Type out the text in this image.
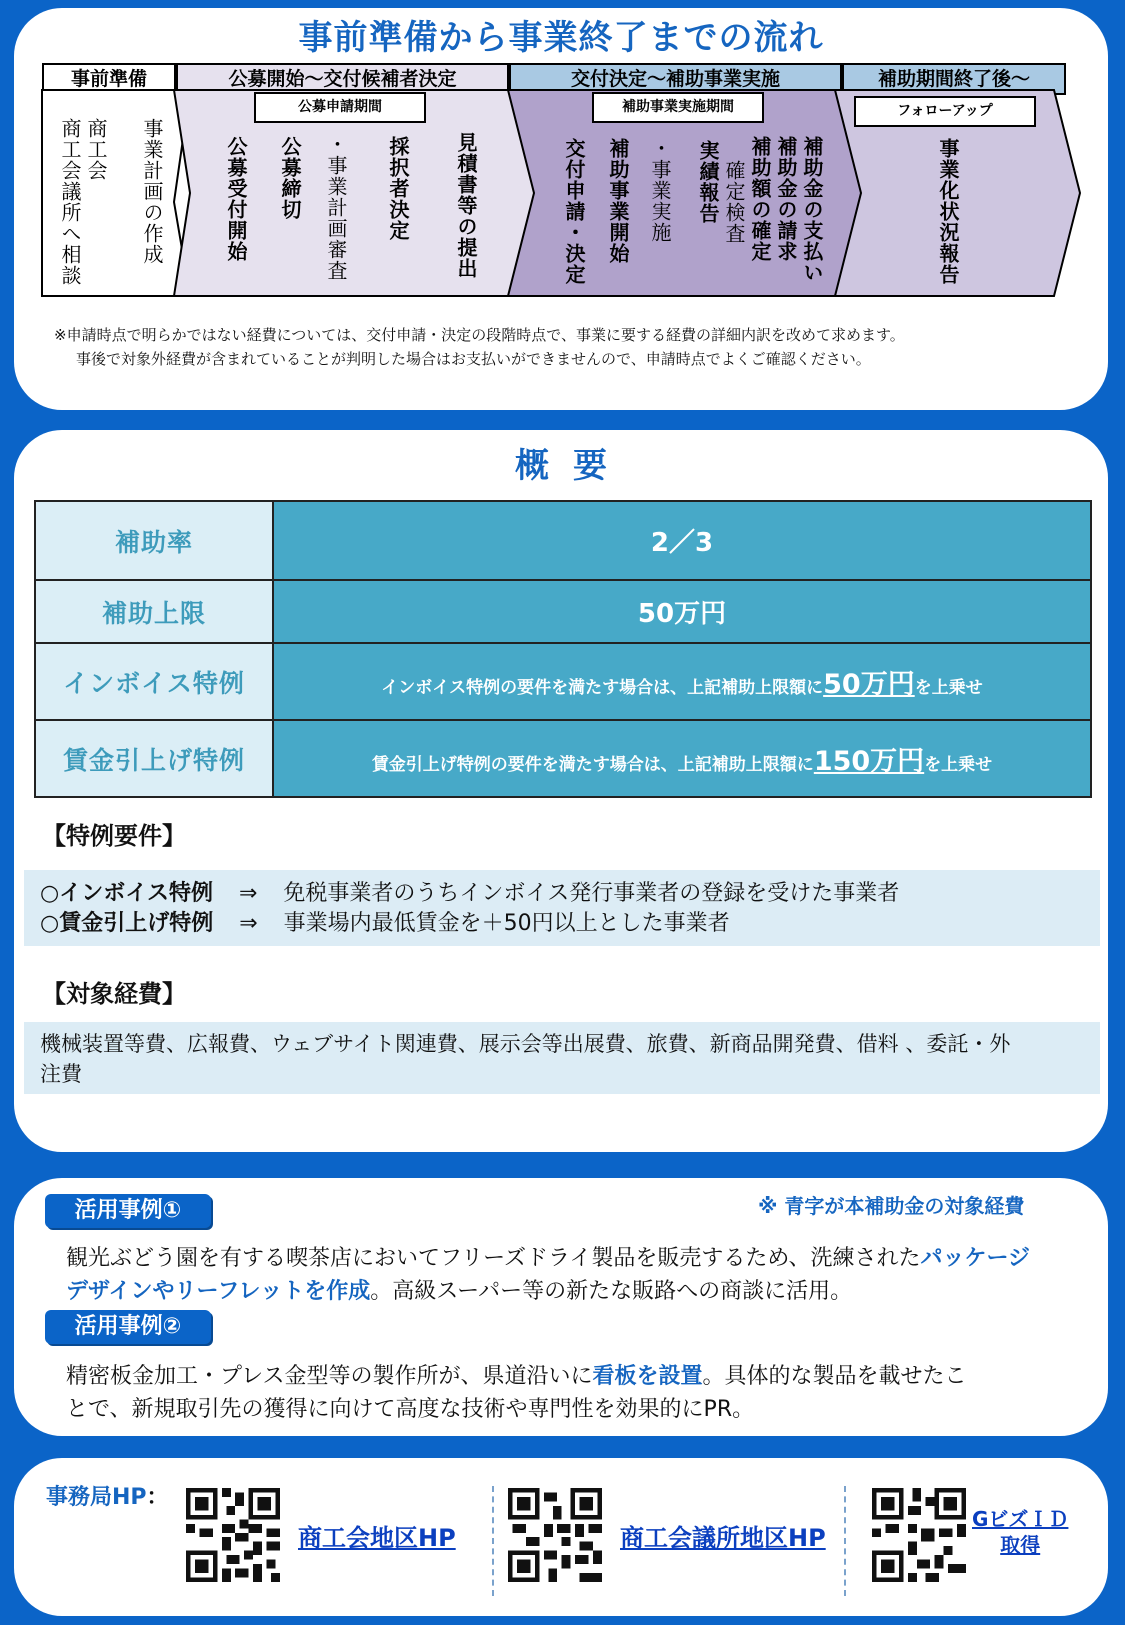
事前準備から事業終了までの流れ
事前準備	公募開始～交付候補者決定	交付決定～補助事業実施	補助期間終了後～
公募申請期間	補助事業実施期間	フォローアップ
事業計画の作成
商工会
商工会議所へ相談	見積書等の提出
採択者決定
・事業計画審査
公募締切
公募受付開始	補助金の支払い
補助金の請求
補助額の確定
確定検査
実績報告
・事業実施
補助事業開始
交付申請・決定	事業化状況報告
※申請時点で明らかではない経費については、交付申請・決定の段階時点で、事業に要する経費の詳細内訳を改めて求めます。
事後で対象外経費が含まれていることが判明した場合はお支払いができませんので、申請時点でよくご確認ください。
概要
補助率	2／3
補助上限	50万円
インボイス特例	インボイス特例の要件を満たす場合は、上記補助上限額に50万円を上乗せ
賃金引上げ特例	賃金引上げ特例の要件を満たす場合は、上記補助上限額に150万円を上乗せ
【特例要件】
○インボイス特例 ⇒ 免税事業者のうちインボイス発行事業者の登録を受けた事業者
○賃金引上げ特例 ⇒ 事業場内最低賃金を＋50円以上とした事業者
【対象経費】
機械装置等費、広報費、ウェブサイト関連費、展示会等出展費、旅費、新商品開発費、借料 、委託・外
注費
※ 青字が本補助金の対象経費
活用事例①
観光ぶどう園を有する喫茶店においてフリーズドライ製品を販売するため、洗練されたパッケージ
デザインやリーフレットを作成。高級スーパー等の新たな販路への商談に活用。
活用事例②
精密板金加工・プレス金型等の製作所が、県道沿いに看板を設置。具体的な製品を載せたこ
とで、新規取引先の獲得に向けて高度な技術や専門性を効果的にPR。
事務局HP：
商工会地区HP	商工会議所地区HP
GビズＩＤ
取得
